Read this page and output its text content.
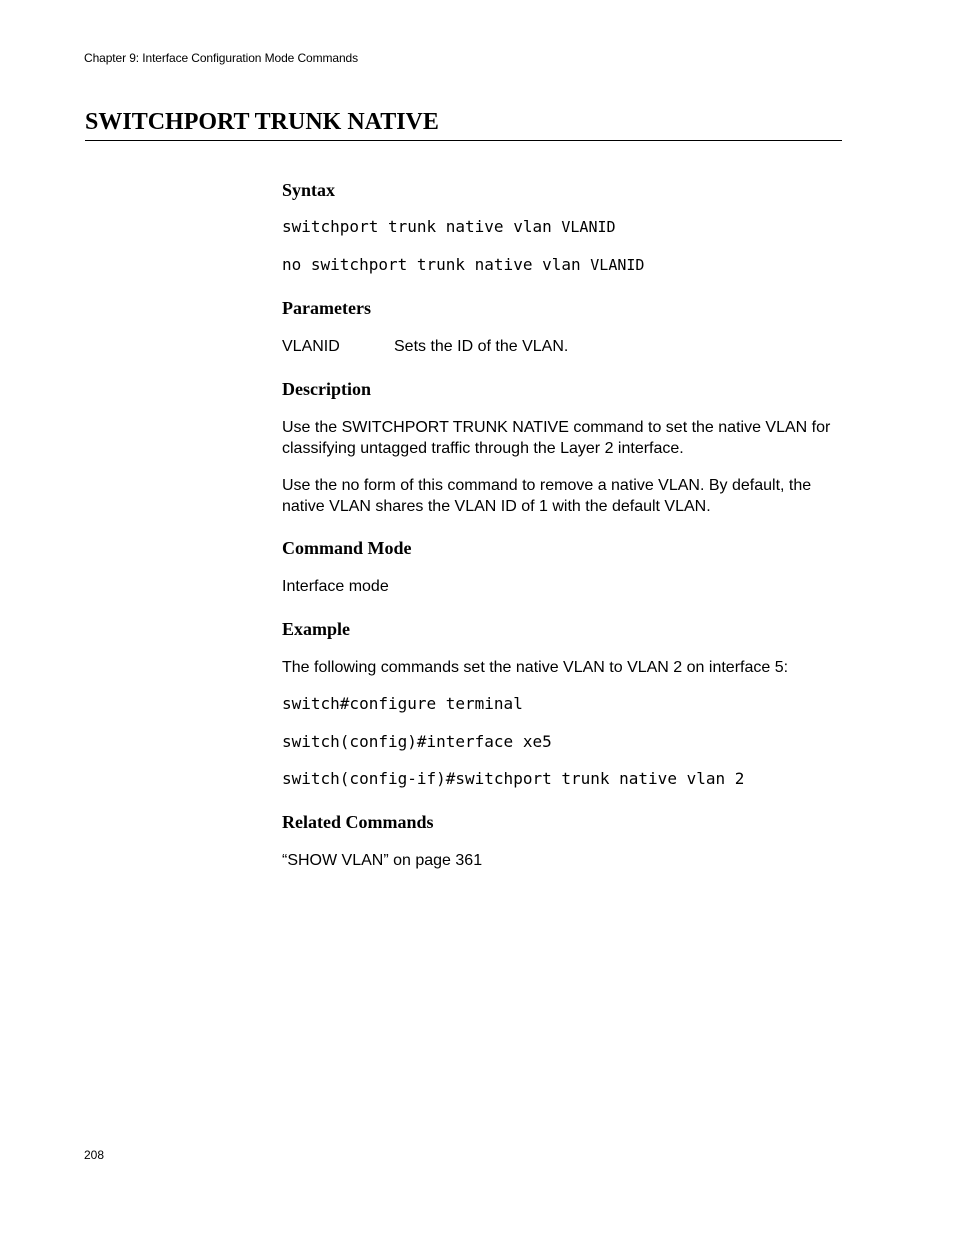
Chapter 9: Interface Configuration Mode Commands
SWITCHPORT TRUNK NATIVE
Syntax
switchport trunk native vlan VLANID
no switchport trunk native vlan VLANID
Parameters
VLANID	Sets the ID of the VLAN.
Description

Use the SWITCHPORT TRUNK NATIVE command to set the native VLAN for classifying untagged traffic through the Layer 2 interface.

Use the no form of this command to remove a native VLAN. By default, the native VLAN shares the VLAN ID of 1 with the default VLAN.

Command Mode
Interface mode
Example
The following commands set the native VLAN to VLAN 2 on interface 5:
switch#configure terminal
switch(config)#interface xe5
switch(config-if)#switchport trunk native vlan 2
Related Commands
“SHOW VLAN” on page 361
208
